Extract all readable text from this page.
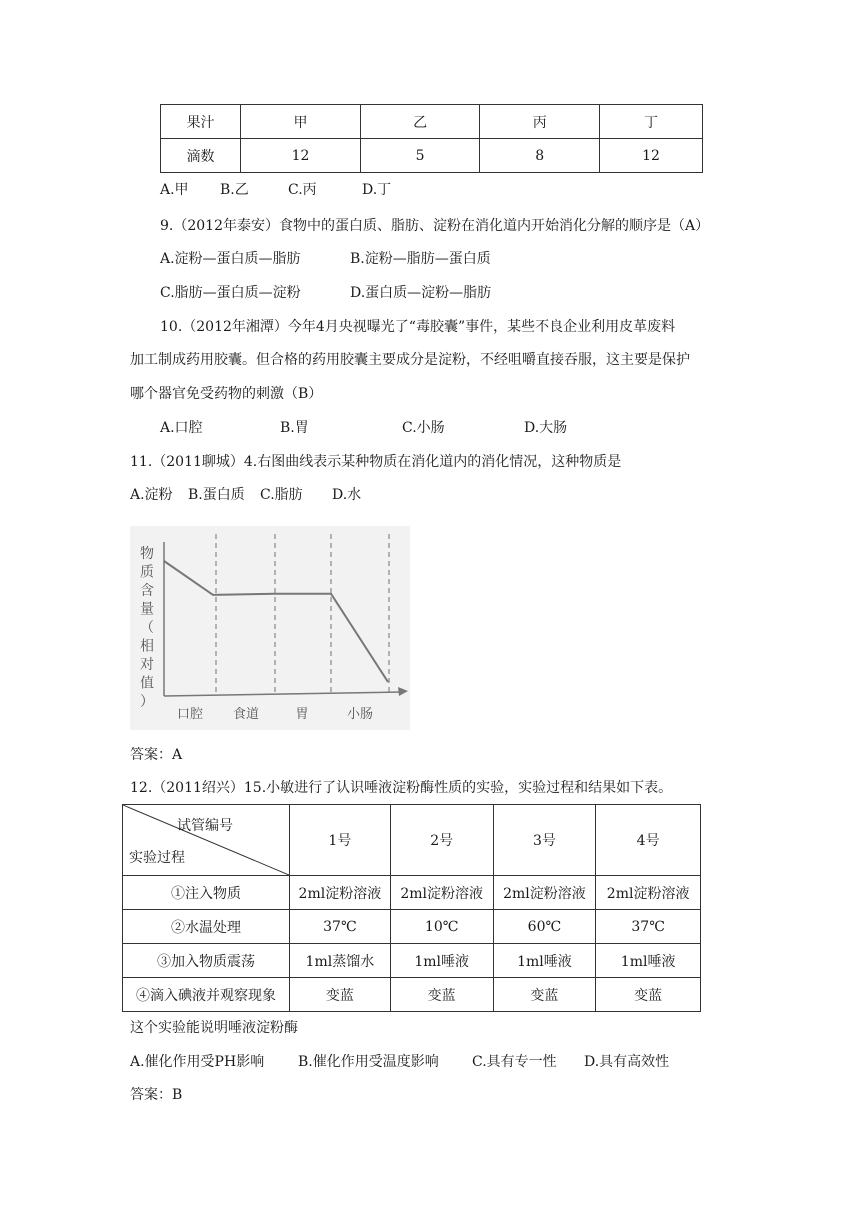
果汁	甲	乙	丙	丁
滴数	12	5	8	12
A.甲 B.乙	C.丙	D.丁
9.（2012年泰安）食物中的蛋白质、脂肪、淀粉在消化道内开始消化分解的顺序是（A）
A.淀粉—蛋白质—脂肪	B.淀粉—脂肪—蛋白质
C.脂肪—蛋白质—淀粉	D.蛋白质—淀粉—脂肪
10.（2012年湘潭）今年4月央视曝光了“毒胶囊”事件，某些不良企业利用皮革废料
加工制成药用胶囊。但合格的药用胶囊主要成分是淀粉，不经咀嚼直接吞服，这主要是保护
哪个器官免受药物的刺激（B）
A.口腔	B.胃	C.小肠	D.大肠
11.（2011聊城）4.右图曲线表示某种物质在消化道内的消化情况，这种物质是
A.淀粉 B.蛋白质 C.脂肪 D.水
物质含量（相对值）
口腔 食道	胃	小肠
答案：A
12.（2011绍兴）15.小敏进行了认识唾液淀粉酶性质的实验，实验过程和结果如下表。
试管编号
实验过程	1号	2号	3号	4号
①注入物质	2ml淀粉溶液	2ml淀粉溶液	2ml淀粉溶液	2ml淀粉溶液
②水温处理	37℃	10℃	60℃	37℃
③加入物质震荡	1ml蒸馏水	1ml唾液	1ml唾液	1ml唾液
④滴入碘液并观察现象	变蓝	变蓝	变蓝	变蓝
这个实验能说明唾液淀粉酶
A.催化作用受PH影响 B.催化作用受温度影响 C.具有专一性 D.具有高效性
答案：B
